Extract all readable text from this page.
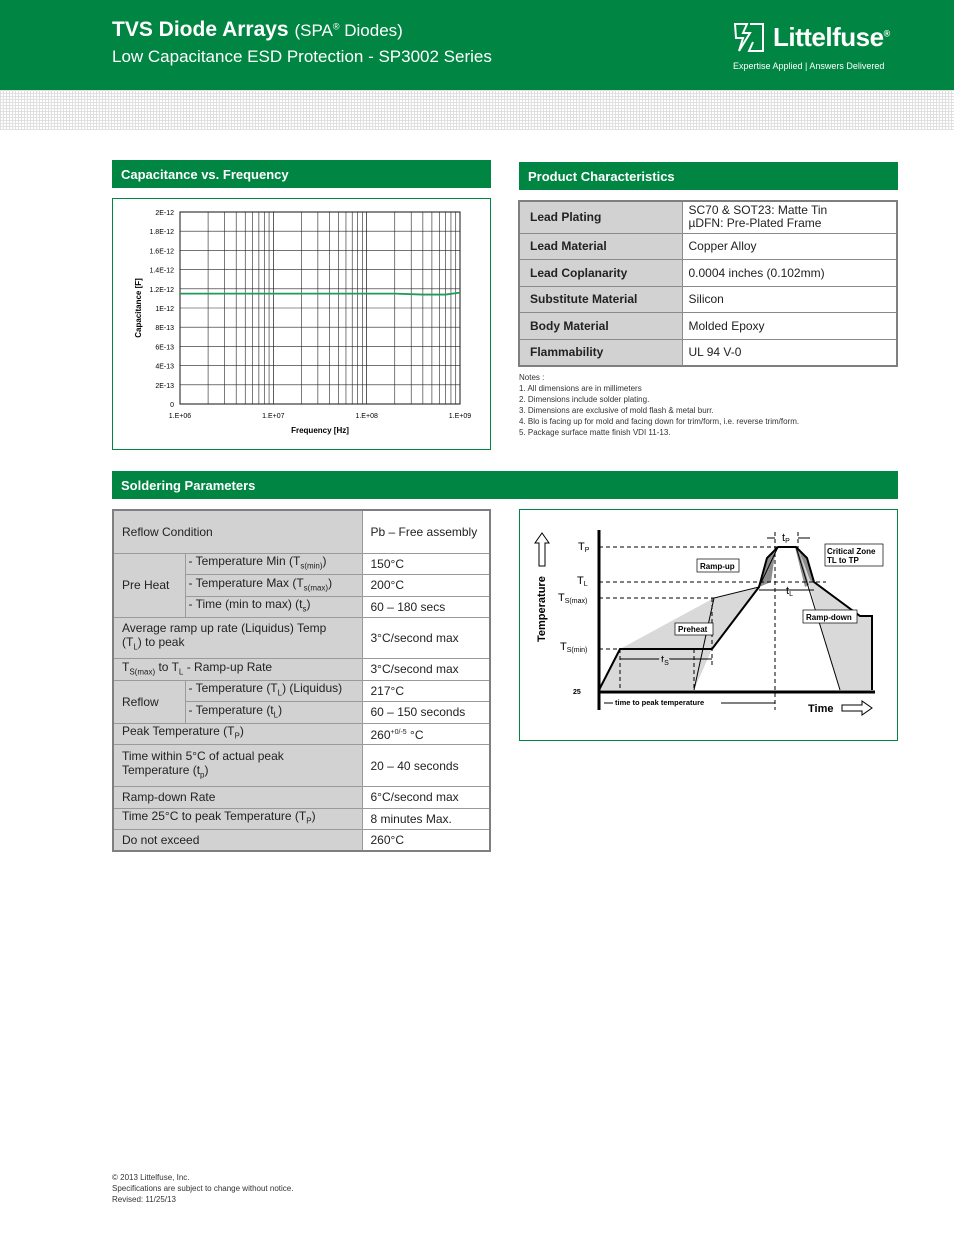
TVS Diode Arrays (SPA® Diodes)
Low Capacitance ESD Protection - SP3002 Series
Littelfuse®
Expertise Applied | Answers Delivered
Capacitance vs. Frequency
0
2E-13
4E-13
6E-13
8E-13
1E-12
1.2E-12
1.4E-12
1.6E-12
1.8E-12
2E-12
1.E+06	1.E+07	1.E+08	1.E+09
Frequency [Hz]
Capacitance [F]
Product Characteristics
Lead Plating	SC70 & SOT23: Matte Tin
µDFN: Pre-Plated Frame

Lead Material	Copper Alloy
Lead Coplanarity	0.0004 inches (0.102mm)
Substitute Material	Silicon
Body Material	Molded Epoxy
Flammability	UL 94 V-0
Notes :
1. All dimensions are in millimeters
2. Dimensions include solder plating.
3. Dimensions are exclusive of mold flash & metal burr.
4. Blo is facing up for mold and facing down for trim/form, i.e. reverse trim/form.
5. Package surface matte finish VDI 11-13.
Soldering Parameters
Reflow Condition		Pb – Free assembly
Pre Heat	- Temperature Min $(T_{s(min)})$	150°C
	- Temperature Max $(T_{s(max)})$	200°C
	- Time (min to max) $(t_s)$	60 – 180 secs

Average ramp up rate (Liquidus) Temp
$(T_L)$ to peak		3°C/second max
$T_{S(max)}$ to $T_L$ - Ramp-up Rate		3°C/second max
Reflow	- Temperature $(T_L)$ (Liquidus)	217°C
	- Temperature $(t_L)$	60 – 150 seconds
Peak Temperature $(T_P)$		$260^{+0/-5}$ °C

Time within 5°C of actual peak
Temperature $(t_p)$		20 – 40 seconds
Ramp-down Rate		6°C/second max
Time 25°C to peak Temperature $(T_P)$		8 minutes Max.
Do not exceed		260°C
Temperature
Time
TP
TL
TS(max)
TS(min)
25
tP
tL
tS
Ramp-up
Preheat
Ramp-down
Critical Zone
TL to TP
time to peak temperature
© 2013 Littelfuse, Inc.
Specifications are subject to change without notice.
Revised: 11/25/13
